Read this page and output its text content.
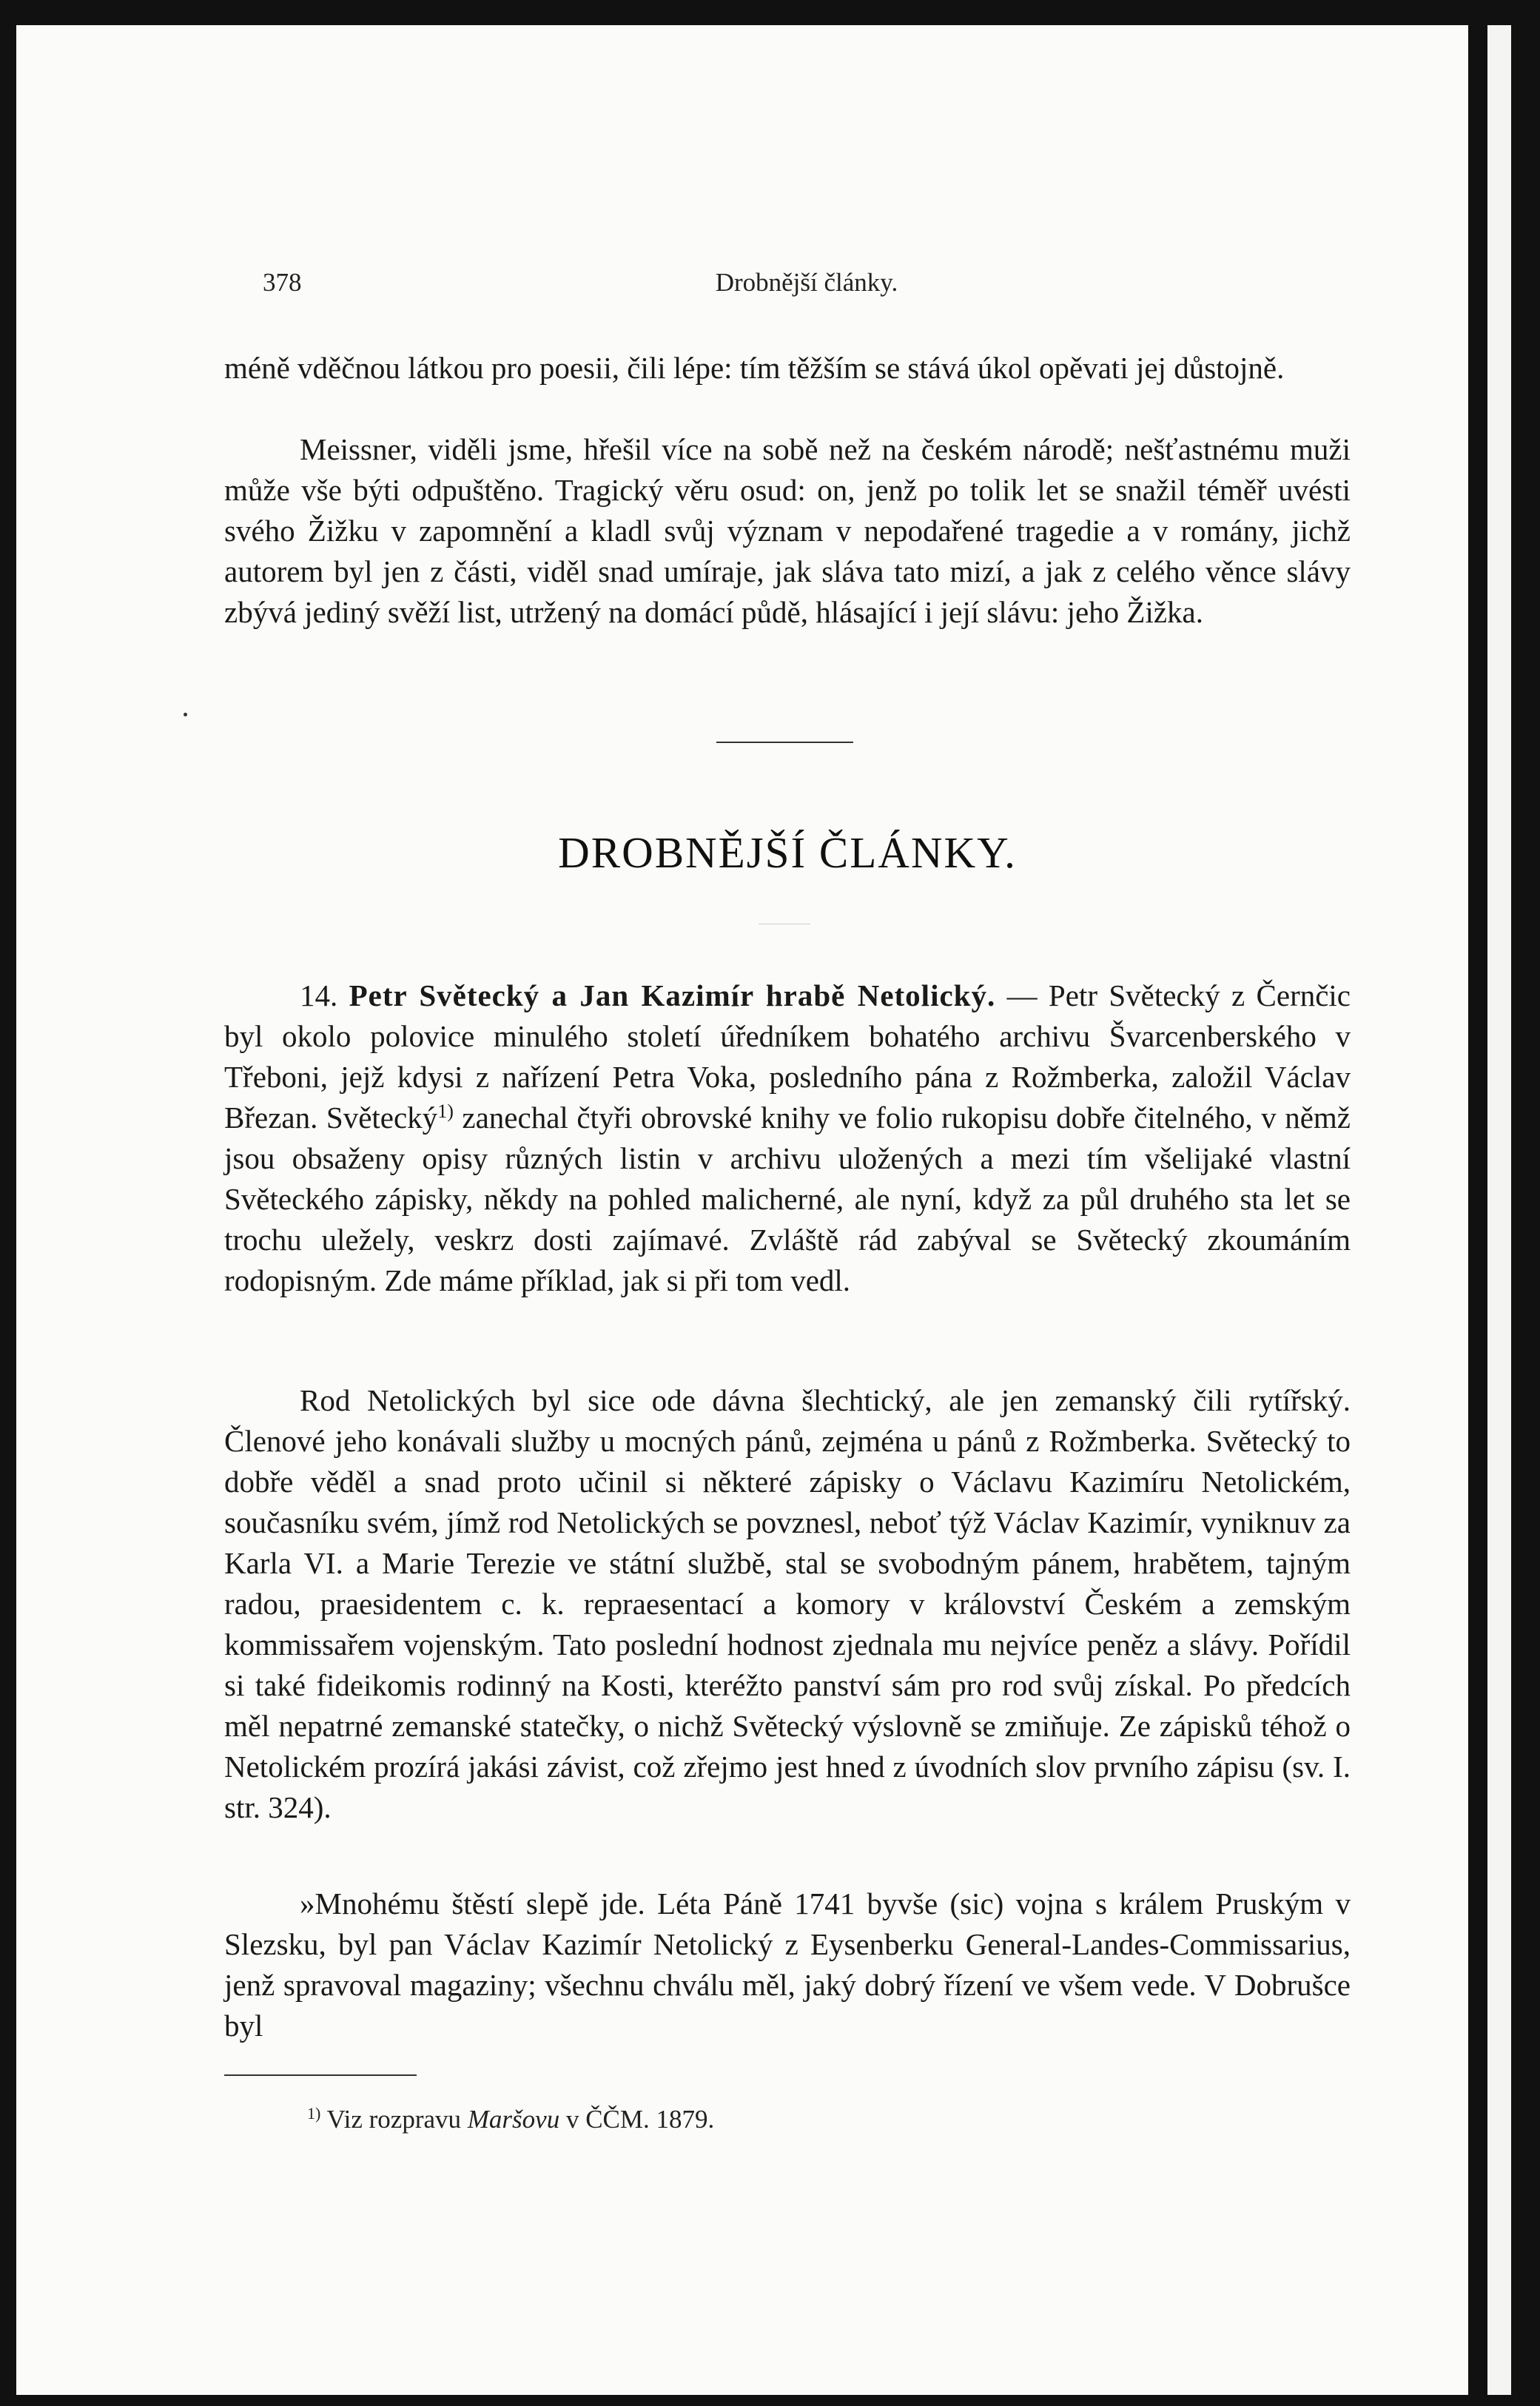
378	Drobnější články.

méně vděčnou látkou pro poesii, čili lépe: tím těžším se stává úkol opěvati jej důstojně.

Meissner, viděli jsme, hřešil více na sobě než na českém národě; nešťastnému muži může vše býti odpuštěno. Tragický věru osud: on, jenž po tolik let se snažil téměř uvésti svého Žižku v zapomnění a kladl svůj význam v nepodařené tragedie a v romány, jichž autorem byl jen z části, viděl snad umíraje, jak sláva tato mizí, a jak z celého věnce slávy zbývá jediný svěží list, utržený na domácí půdě, hlásající i její slávu: jeho Žižka.

DROBNĚJŠÍ ČLÁNKY.

14. Petr Světecký a Jan Kazimír hrabě Netolický. — Petr Světecký z Černčic byl okolo polovice minulého století úředníkem bohatého archivu Švarcenberského v Třeboni, jejž kdysi z nařízení Petra Voka, posledního pána z Rožmberka, založil Václav Březan. Světecký$^{1)}$ zanechal čtyři obrovské knihy ve folio rukopisu dobře čitelného, v němž jsou obsaženy opisy různých listin v archivu uložených a mezi tím všelijaké vlastní Světeckého zápisky, někdy na pohled malicherné, ale nyní, když za půl druhého sta let se trochu uležely, veskrz dosti zajímavé. Zvláště rád zabýval se Světecký zkoumáním rodopisným. Zde máme příklad, jak si při tom vedl.

Rod Netolických byl sice ode dávna šlechtický, ale jen zemanský čili rytířský. Členové jeho konávali služby u mocných pánů, zejména u pánů z Rožmberka. Světecký to dobře věděl a snad proto učinil si některé zápisky o Václavu Kazimíru Netolickém, současníku svém, jímž rod Netolických se povznesl, neboť týž Václav Kazimír, vyniknuv za Karla VI. a Marie Terezie ve státní službě, stal se svobodným pánem, hrabětem, tajným radou, praesidentem c. k. repraesentací a komory v království Českém a zemským kommissařem vojenským. Tato poslední hodnost zjednala mu nejvíce peněz a slávy. Pořídil si také fideikomis rodinný na Kosti, kteréžto panství sám pro rod svůj získal. Po předcích měl nepatrné zemanské statečky, o nichž Světecký výslovně se zmiňuje. Ze zápisků téhož o Netolickém prozírá jakási závist, což zřejmo jest hned z úvodních slov prvního zápisu (sv. I. str. 324).

»Mnohému štěstí slepě jde. Léta Páně 1741 byvše (sic) vojna s králem Pruským v Slezsku, byl pan Václav Kazimír Netolický z Eysenberku General-Landes-Commissarius, jenž spravoval magaziny; všechnu chválu měl, jaký dobrý řízení ve všem vede. V Dobrušce byl

$^{1)}$ Viz rozpravu Maršovu v ČČM. 1879.
